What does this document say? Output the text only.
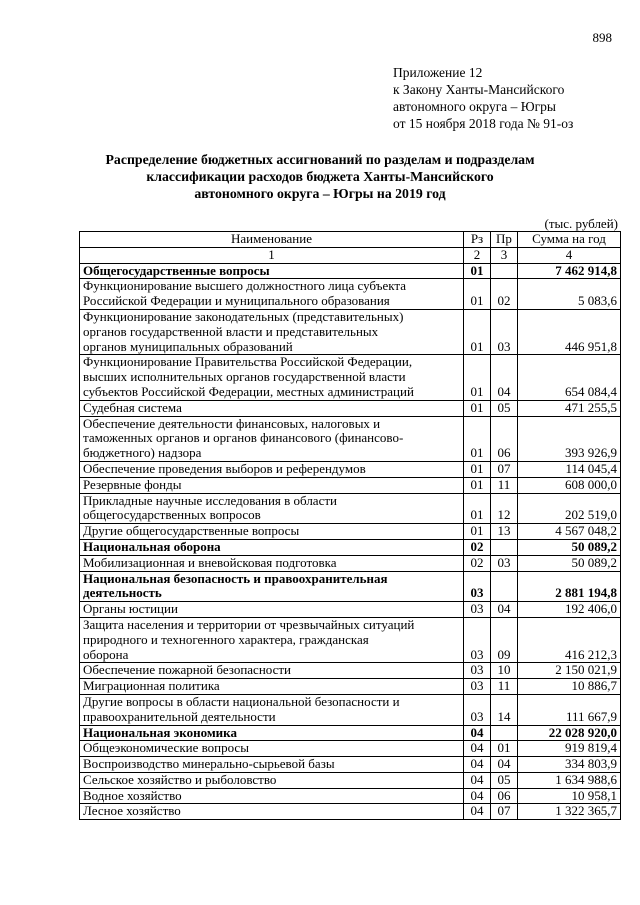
898
Приложение 12
к Закону Ханты-Мансийского
автономного округа – Югры
от 15 ноября 2018 года № 91-оз
Распределение бюджетных ассигнований по разделам и подразделам
классификации расходов бюджета Ханты-Мансийского
автономного округа – Югры на 2019 год
(тыс. рублей)
Наименование	Рз	Пр	Сумма на год
1	2	3	4

Общегосударственные вопросы	01		7 462 914,8

Функционирование высшего должностного лица субъекта
Российской Федерации и муниципального образования	01	02	5 083,6

Функционирование законодательных (представительных)
органов государственной власти и представительных
органов муниципальных образований	01	03	446 951,8

Функционирование Правительства Российской Федерации,
высших исполнительных органов государственной власти
субъектов Российской Федерации, местных администраций	01	04	654 084,4

Судебная система	01	05	471 255,5

Обеспечение деятельности финансовых, налоговых и
таможенных органов и органов финансового (финансово-
бюджетного) надзора	01	06	393 926,9

Обеспечение проведения выборов и референдумов	01	07	114 045,4

Резервные фонды	01	11	608 000,0

Прикладные научные исследования в области
общегосударственных вопросов	01	12	202 519,0

Другие общегосударственные вопросы	01	13	4 567 048,2

Национальная оборона	02		50 089,2

Мобилизационная и вневойсковая подготовка	02	03	50 089,2

Национальная безопасность и правоохранительная
деятельность	03		2 881 194,8

Органы юстиции	03	04	192 406,0

Защита населения и территории от чрезвычайных ситуаций
природного и техногенного характера, гражданская
оборона	03	09	416 212,3

Обеспечение пожарной безопасности	03	10	2 150 021,9

Миграционная политика	03	11	10 886,7

Другие вопросы в области национальной безопасности и
правоохранительной деятельности	03	14	111 667,9

Национальная экономика	04		22 028 920,0

Общеэкономические вопросы	04	01	919 819,4

Воспроизводство минерально-сырьевой базы	04	04	334 803,9

Сельское хозяйство и рыболовство	04	05	1 634 988,6

Водное хозяйство	04	06	10 958,1

Лесное хозяйство	04	07	1 322 365,7
